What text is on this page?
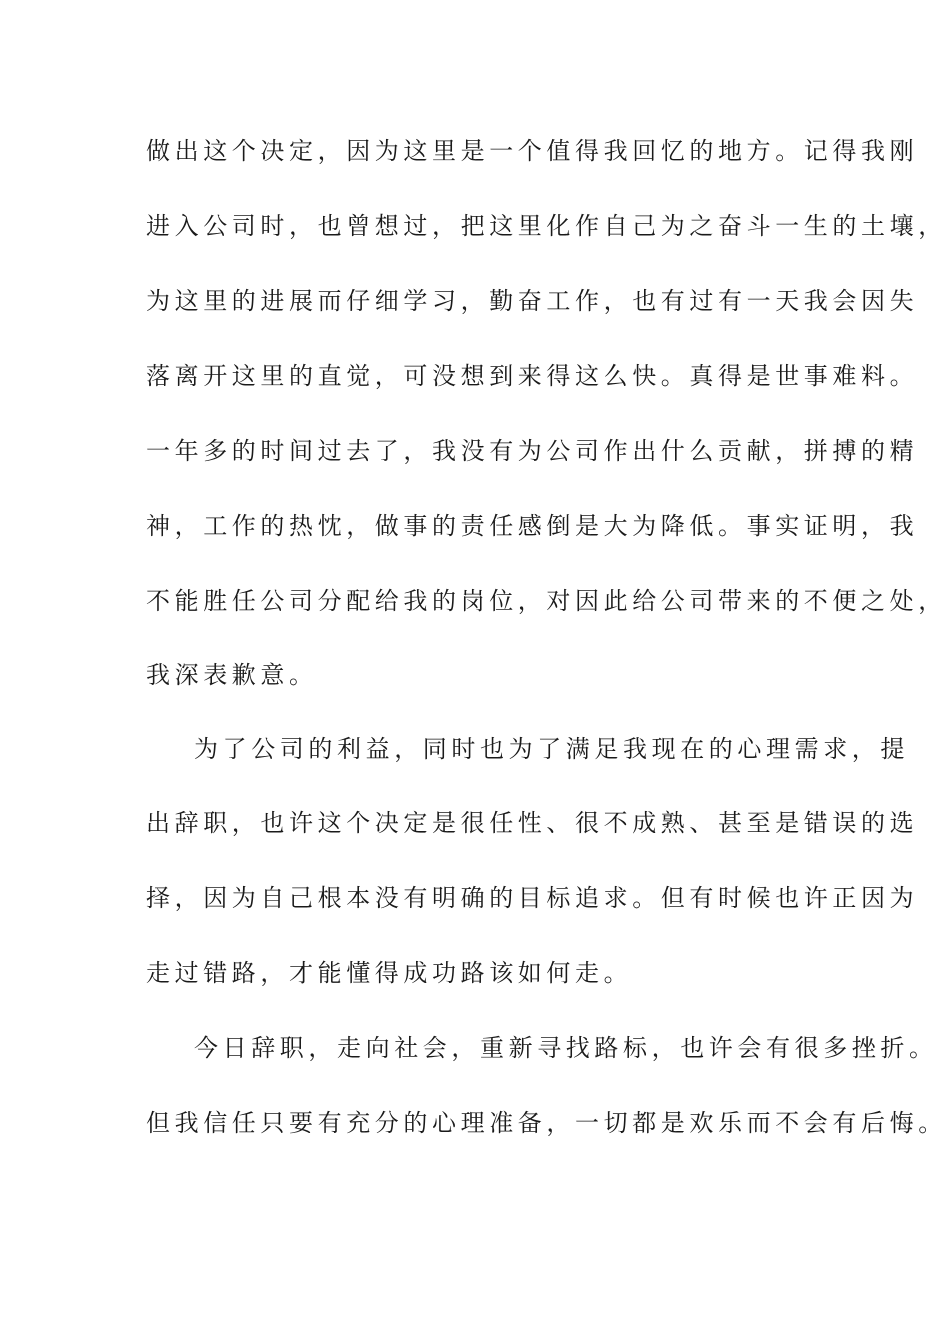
做出这个决定，因为这里是一个值得我回忆的地方。记得我刚
进入公司时，也曾想过，把这里化作自己为之奋斗一生的土壤，
为这里的进展而仔细学习，勤奋工作，也有过有一天我会因失
落离开这里的直觉，可没想到来得这么快。真得是世事难料。
一年多的时间过去了，我没有为公司作出什么贡献，拼搏的精
神，工作的热忱，做事的责任感倒是大为降低。事实证明，我
不能胜任公司分配给我的岗位，对因此给公司带来的不便之处，
我深表歉意。
为了公司的利益，同时也为了满足我现在的心理需求，提
出辞职，也许这个决定是很任性、很不成熟、甚至是错误的选
择，因为自己根本没有明确的目标追求。但有时候也许正因为
走过错路，才能懂得成功路该如何走。
今日辞职，走向社会，重新寻找路标，也许会有很多挫折。
但我信任只要有充分的心理准备，一切都是欢乐而不会有后悔。
